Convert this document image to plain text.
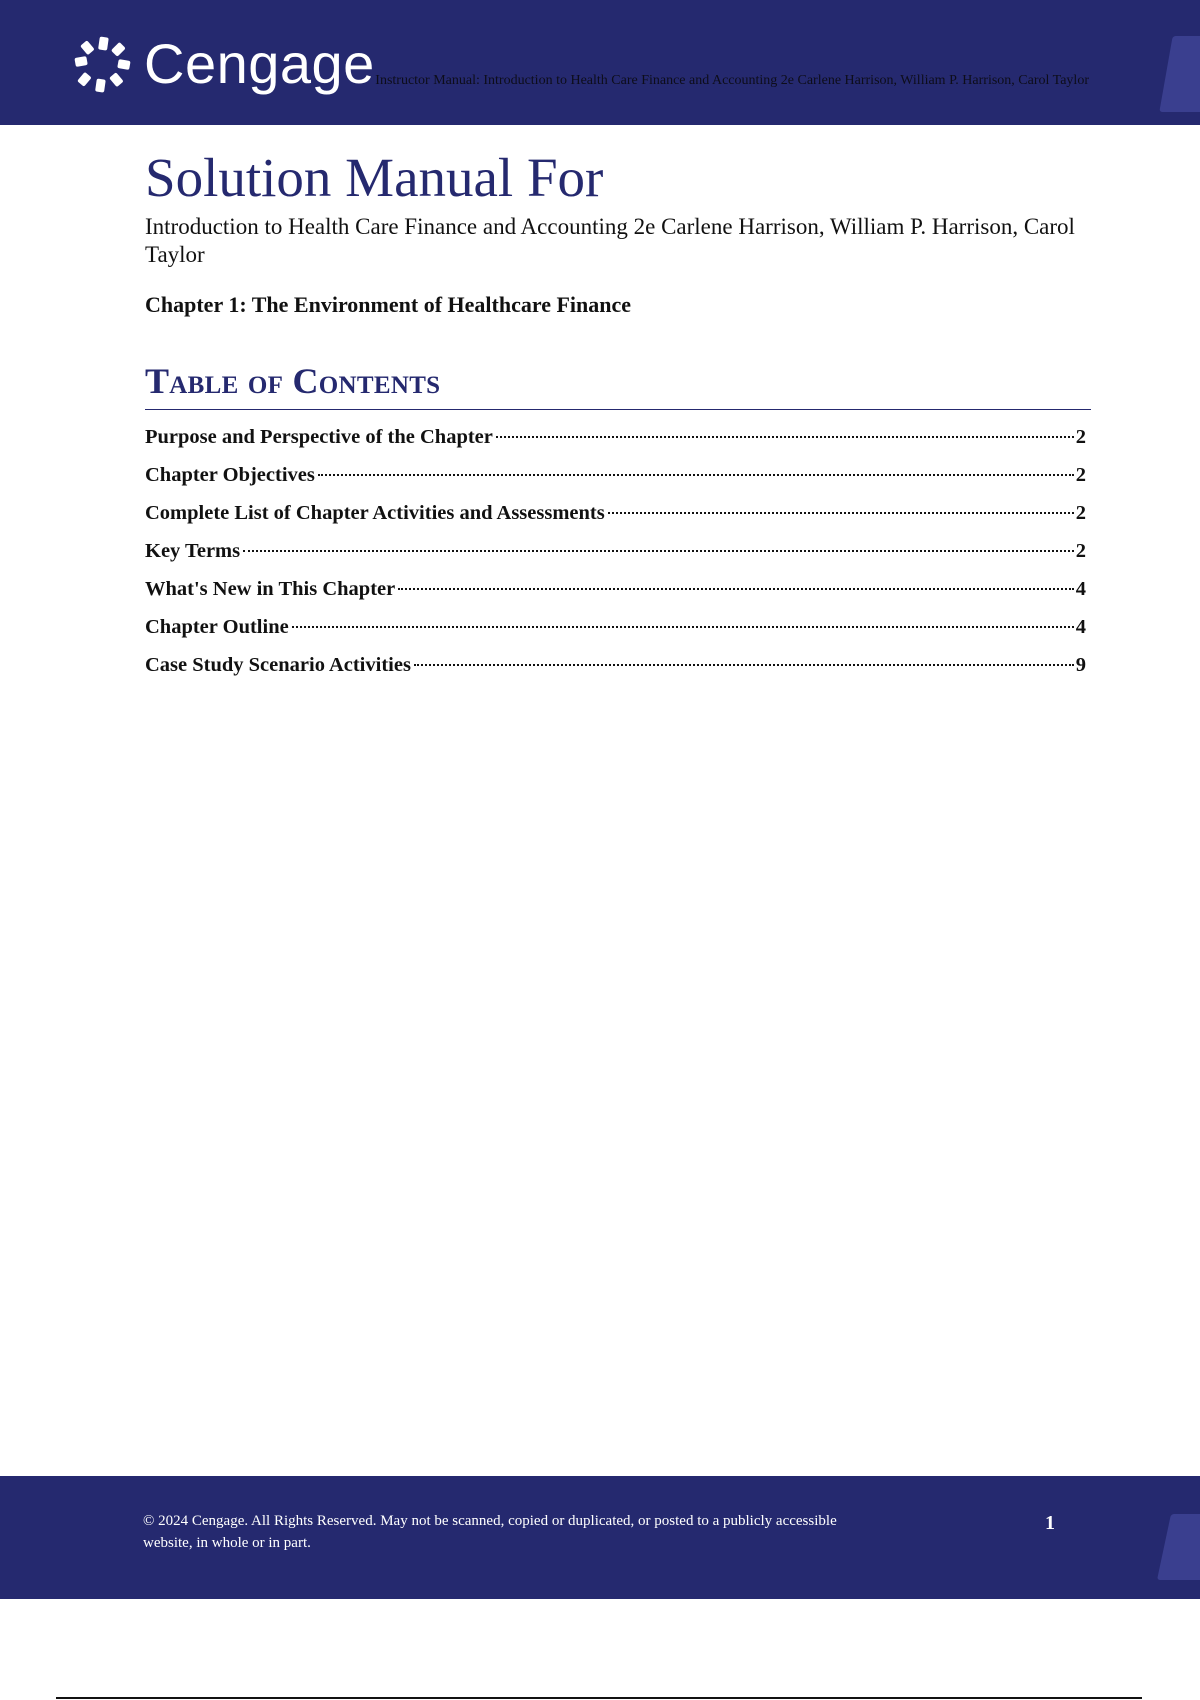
Cengage Instructor Manual: Introduction to Health Care Finance and Accounting 2e Carlene Harrison, William P. Harrison, Carol Taylor
Solution Manual For

Introduction to Health Care Finance and Accounting 2e Carlene Harrison, William P. Harrison, Carol Taylor

Chapter 1: The Environment of Healthcare Finance

Table of Contents
Purpose and Perspective of the Chapter	2
Chapter Objectives	2
Complete List of Chapter Activities and Assessments	2
Key Terms	2
What's New in This Chapter	4
Chapter Outline	4
Case Study Scenario Activities	9
© 2024 Cengage. All Rights Reserved. May not be scanned, copied or duplicated, or posted to a publicly accessible website, in whole or in part.
1
